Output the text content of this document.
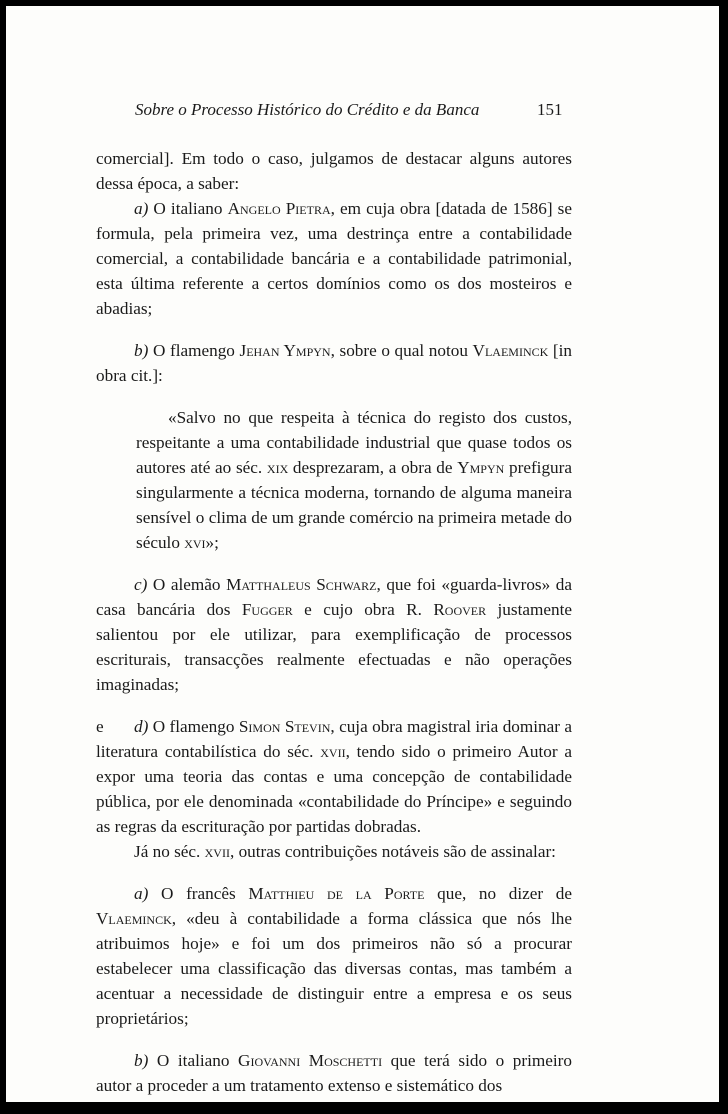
Sobre o Processo Histórico do Crédito e da Banca	151

comercial]. Em todo o caso, julgamos de destacar alguns autores dessa época, a saber:

a) O italiano Angelo Pietra, em cuja obra [datada de 1586] se formula, pela primeira vez, uma destrinça entre a contabilidade comercial, a contabilidade bancária e a contabilidade patrimonial, esta última referente a certos domínios como os dos mosteiros e abadias;

b) O flamengo Jehan Ympyn, sobre o qual notou Vlaeminck [in obra cit.]:

«Salvo no que respeita à técnica do registo dos custos, respeitante a uma contabilidade industrial que quase todos os autores até ao séc. xix desprezaram, a obra de Ympyn prefigura singularmente a técnica moderna, tornando de alguma maneira sensível o clima de um grande comércio na primeira metade do século xvi»;

c) O alemão Matthaleus Schwarz, que foi «guarda-livros» da casa bancária dos Fugger e cujo obra R. Roover justamente salientou por ele utilizar, para exemplificação de processos escriturais, transacções realmente efectuadas e não operações imaginadas;

e d) O flamengo Simon Stevin, cuja obra magistral iria dominar a literatura contabilística do séc. xvii, tendo sido o primeiro Autor a expor uma teoria das contas e uma concepção de contabilidade pública, por ele denominada «contabilidade do Príncipe» e seguindo as regras da escrituração por partidas dobradas.

Já no séc. xvii, outras contribuições notáveis são de assinalar:

a) O francês Matthieu de la Porte que, no dizer de Vlaeminck, «deu à contabilidade a forma clássica que nós lhe atribuimos hoje» e foi um dos primeiros não só a procurar estabelecer uma classificação das diversas contas, mas também a acentuar a necessidade de distinguir entre a empresa e os seus proprietários;

b) O italiano Giovanni Moschetti que terá sido o primeiro autor a proceder a um tratamento extenso e sistemático dos
